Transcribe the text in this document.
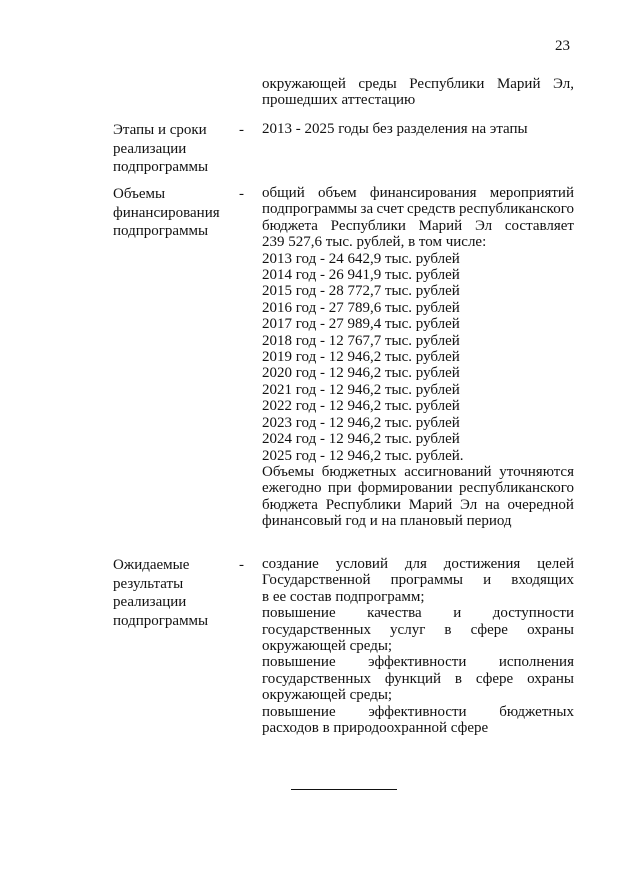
23
окружающей среды Республики Марий Эл,
прошедших аттестацию
Этапы и сроки
реализации
подпрограммы
- 2013 - 2025 годы без разделения на этапы
Объемы
финансирования
подпрограммы
- общий объем финансирования мероприятий
подпрограммы за счет средств республиканского
бюджета Республики Марий Эл составляет
239 527,6 тыс. рублей, в том числе:
2013 год - 24 642,9 тыс. рублей
2014 год - 26 941,9 тыс. рублей
2015 год - 28 772,7 тыс. рублей
2016 год - 27 789,6 тыс. рублей
2017 год - 27 989,4 тыс. рублей
2018 год - 12 767,7 тыс. рублей
2019 год - 12 946,2 тыс. рублей
2020 год - 12 946,2 тыс. рублей
2021 год - 12 946,2 тыс. рублей
2022 год - 12 946,2 тыс. рублей
2023 год - 12 946,2 тыс. рублей
2024 год - 12 946,2 тыс. рублей
2025 год - 12 946,2 тыс. рублей.
Объемы бюджетных ассигнований уточняются
ежегодно при формировании республиканского
бюджета Республики Марий Эл на очередной
финансовый год и на плановый период
Ожидаемые
результаты
реализации
подпрограммы
- создание условий для достижения целей
Государственной программы и входящих
в ее состав подпрограмм;
повышение качества и доступности
государственных услуг в сфере охраны
окружающей среды;
повышение эффективности исполнения
государственных функций в сфере охраны
окружающей среды;
повышение эффективности бюджетных
расходов в природоохранной сфере
